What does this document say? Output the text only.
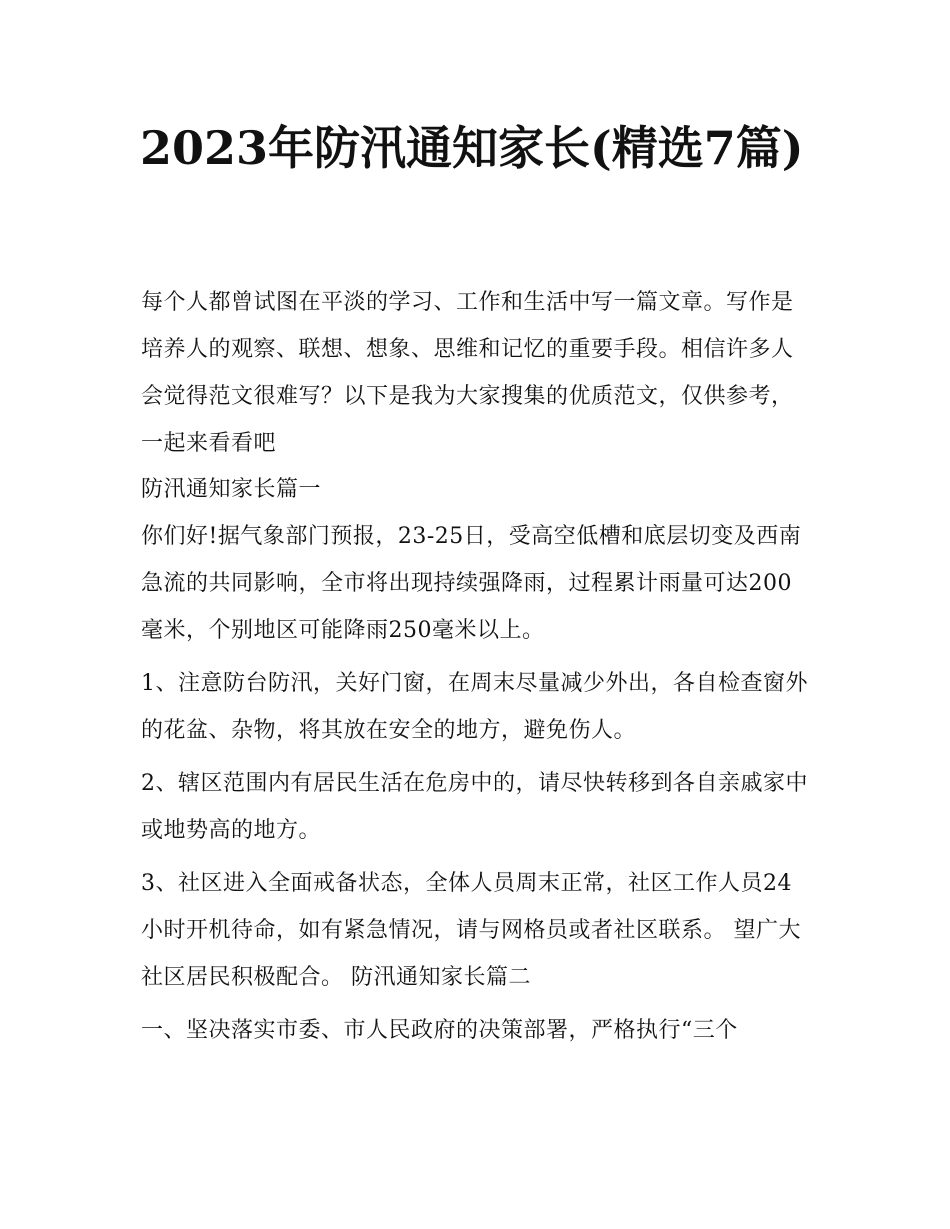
2023年防汛通知家长(精选7篇)

每个人都曾试图在平淡的学习、工作和生活中写一篇文章。写作是培养人的观察、联想、想象、思维和记忆的重要手段。相信许多人会觉得范文很难写？以下是我为大家搜集的优质范文，仅供参考，一起来看看吧

防汛通知家长篇一

你们好!据气象部门预报，23-25日，受高空低槽和底层切变及西南急流的共同影响，全市将出现持续强降雨，过程累计雨量可达200毫米，个别地区可能降雨250毫米以上。

1、注意防台防汛，关好门窗，在周末尽量减少外出，各自检查窗外的花盆、杂物，将其放在安全的地方，避免伤人。

2、辖区范围内有居民生活在危房中的，请尽快转移到各自亲戚家中或地势高的地方。

3、社区进入全面戒备状态，全体人员周末正常，社区工作人员24小时开机待命，如有紧急情况，请与网格员或者社区联系。 望广大社区居民积极配合。 防汛通知家长篇二

一、坚决落实市委、市人民政府的决策部署，严格执行“三个
